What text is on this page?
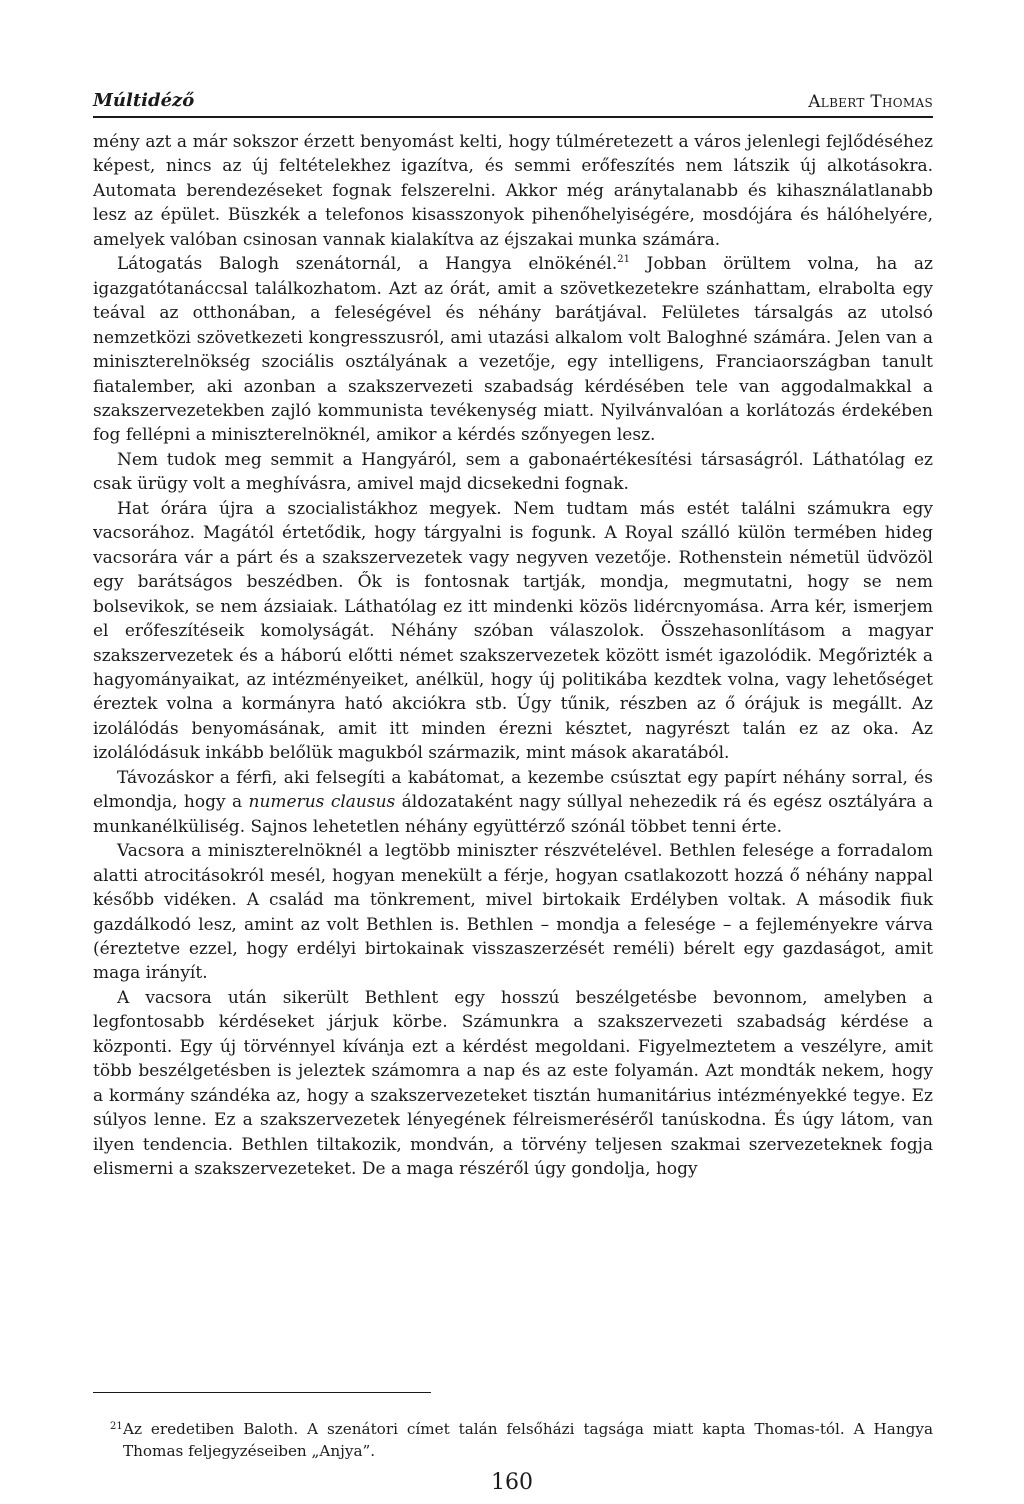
Múltidéző	Albert Thomas

mény azt a már sokszor érzett benyomást kelti, hogy túlméretezett a város jelenlegi fejlődéséhez képest, nincs az új feltételekhez igazítva, és semmi erőfeszítés nem látszik új alkotásokra. Automata berendezéseket fognak felszerelni. Akkor még aránytalanabb és kihasználatlanabb lesz az épület. Büszkék a telefonos kisasszonyok pihenőhelyiségére, mosdójára és hálóhelyére, amelyek valóban csinosan vannak kialakítva az éjszakai munka számára.

Látogatás Balogh szenátornál, a Hangya elnökénél.$^{21}$ Jobban örültem volna, ha az igazgatótanáccsal találkozhatom. Azt az órát, amit a szövetkezetekre szánhattam, elrabolta egy teával az otthonában, a feleségével és néhány barátjával. Felületes társalgás az utolsó nemzetközi szövetkezeti kongresszusról, ami utazási alkalom volt Baloghné számára. Jelen van a miniszterelnökség szociális osztályának a vezetője, egy intelligens, Franciaországban tanult fiatalember, aki azonban a szakszervezeti szabadság kérdésében tele van aggodalmakkal a szakszervezetekben zajló kommunista tevékenység miatt. Nyilvánvalóan a korlátozás érdekében fog fellépni a miniszterelnöknél, amikor a kérdés szőnyegen lesz.

Nem tudok meg semmit a Hangyáról, sem a gabonaértékesítési társaságról. Láthatólag ez csak ürügy volt a meghívásra, amivel majd dicsekedni fognak.

Hat órára újra a szocialistákhoz megyek. Nem tudtam más estét találni számukra egy vacsorához. Magától értetődik, hogy tárgyalni is fogunk. A Royal szálló külön termében hideg vacsorára vár a párt és a szakszervezetek vagy negyven vezetője. Rothenstein németül üdvözöl egy barátságos beszédben. Ők is fontosnak tartják, mondja, megmutatni, hogy se nem bolsevikok, se nem ázsiaiak. Láthatólag ez itt mindenki közös lidércnyomása. Arra kér, ismerjem el erőfeszítéseik komolyságát. Néhány szóban válaszolok. Összehasonlításom a magyar szakszervezetek és a háború előtti német szakszervezetek között ismét igazolódik. Megőrizték a hagyományaikat, az intézményeiket, anélkül, hogy új politikába kezdtek volna, vagy lehetőséget éreztek volna a kormányra ható akciókra stb. Úgy tűnik, részben az ő órájuk is megállt. Az izolálódás benyomásának, amit itt minden érezni késztet, nagyrészt talán ez az oka. Az izolálódásuk inkább belőlük magukból származik, mint mások akaratából.

Távozáskor a férfi, aki felsegíti a kabátomat, a kezembe csúsztat egy papírt néhány sorral, és elmondja, hogy a numerus clausus áldozataként nagy súllyal nehezedik rá és egész osztályára a munkanélküliség. Sajnos lehetetlen néhány együttérző szónál többet tenni érte.

Vacsora a miniszterelnöknél a legtöbb miniszter részvételével. Bethlen felesége a forradalom alatti atrocitásokról mesél, hogyan menekült a férje, hogyan csatlakozott hozzá ő néhány nappal később vidéken. A család ma tönkrement, mivel birtokaik Erdélyben voltak. A második fiuk gazdálkodó lesz, amint az volt Bethlen is. Bethlen – mondja a felesége – a fejleményekre várva (éreztetve ezzel, hogy erdélyi birtokainak visszaszerzését reméli) bérelt egy gazdaságot, amit maga irányít.

A vacsora után sikerült Bethlent egy hosszú beszélgetésbe bevonnom, amelyben a legfontosabb kérdéseket járjuk körbe. Számunkra a szakszervezeti szabadság kérdése a központi. Egy új törvénnyel kívánja ezt a kérdést megoldani. Figyelmeztetem a veszélyre, amit több beszélgetésben is jeleztek számomra a nap és az este folyamán. Azt mondták nekem, hogy a kormány szándéka az, hogy a szakszervezeteket tisztán humanitárius intézményekké tegye. Ez súlyos lenne. Ez a szakszervezetek lényegének félreismeréséről tanúskodna. És úgy látom, van ilyen tendencia. Bethlen tiltakozik, mondván, a törvény teljesen szakmai szervezeteknek fogja elismerni a szakszervezeteket. De a maga részéről úgy gondolja, hogy

21 Az eredetiben Baloth. A szenátori címet talán felsőházi tagsága miatt kapta Thomas-tól. A Hangya Thomas feljegyzéseiben „Anjya”.
160
